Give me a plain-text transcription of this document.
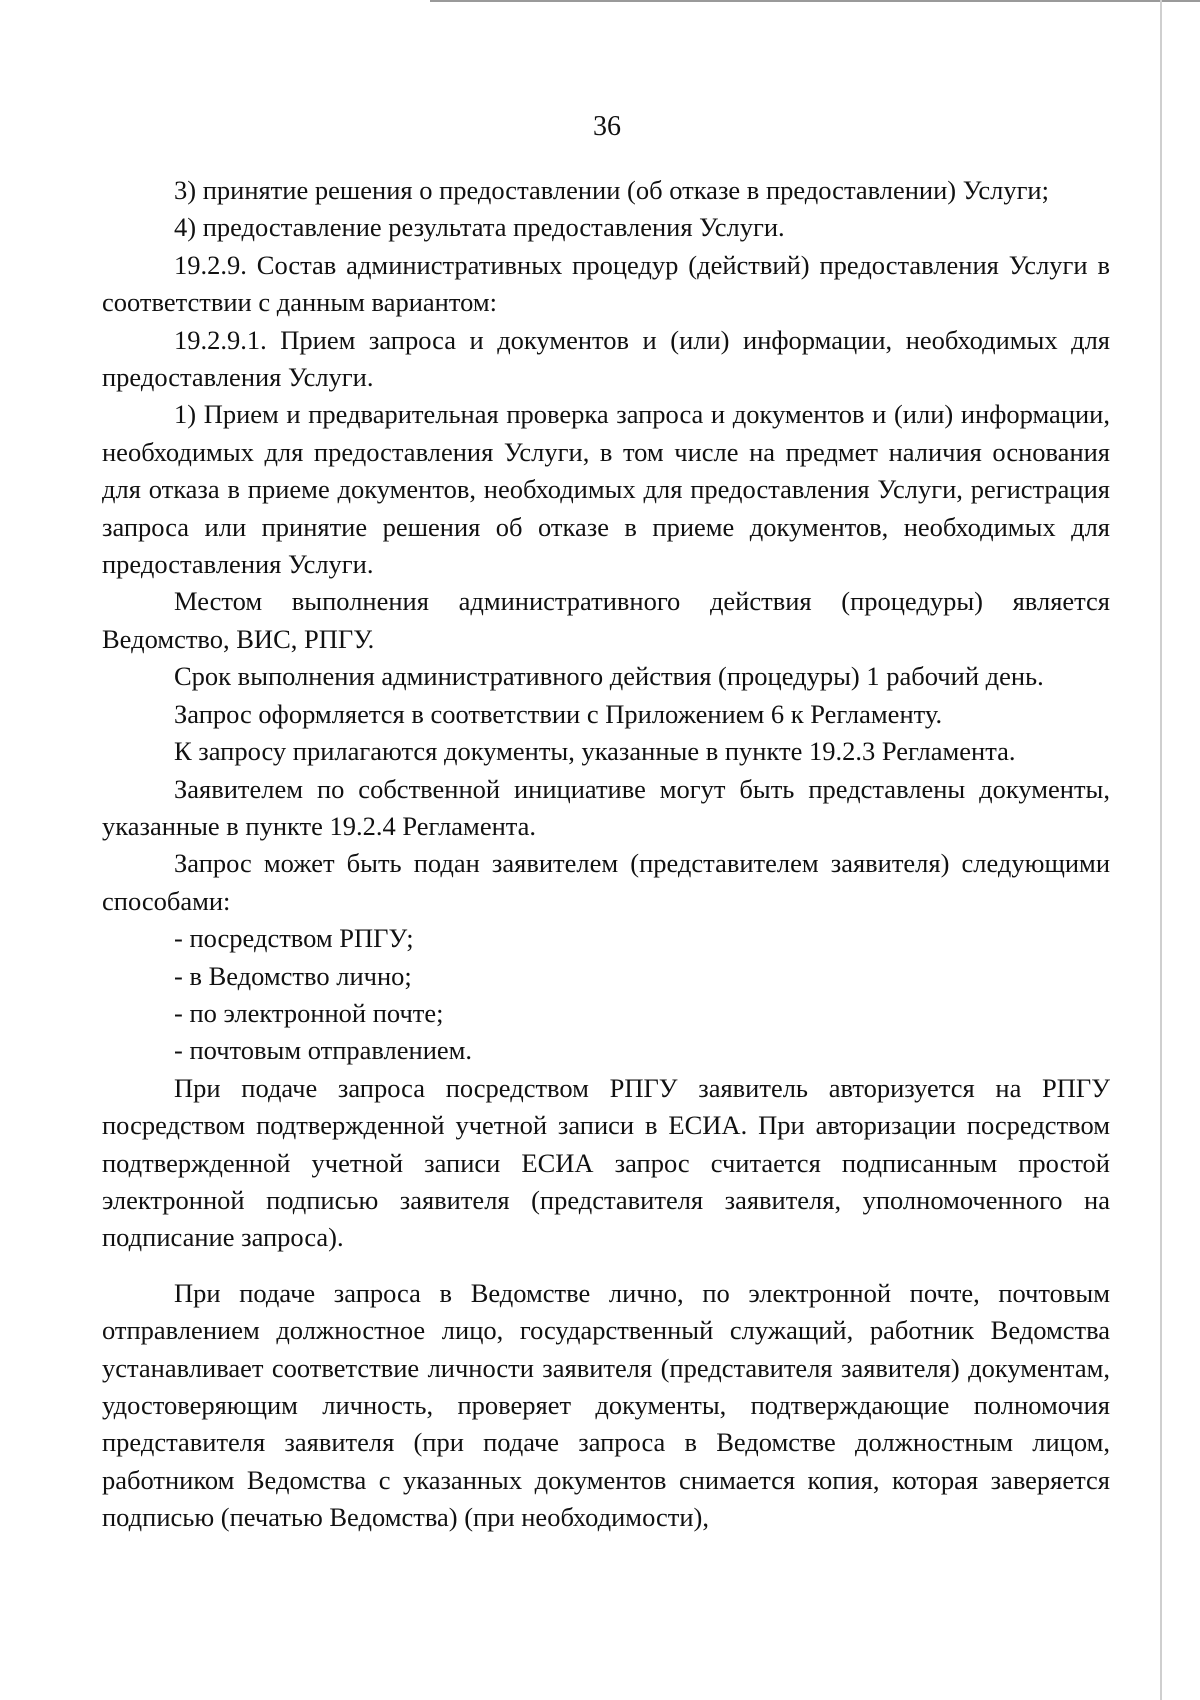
36

3) принятие решения о предоставлении (об отказе в предоставлении) Услуги;

4) предоставление результата предоставления Услуги.

19.2.9. Состав административных процедур (действий) предоставления Услуги в соответствии с данным вариантом:

19.2.9.1. Прием запроса и документов и (или) информации, необходимых для предоставления Услуги.

1) Прием и предварительная проверка запроса и документов и (или) информации, необходимых для предоставления Услуги, в том числе на предмет наличия основания для отказа в приеме документов, необходимых для предоставления Услуги, регистрация запроса или принятие решения об отказе в приеме документов, необходимых для предоставления Услуги.

Местом выполнения административного действия (процедуры) является Ведомство, ВИС, РПГУ.

Срок выполнения административного действия (процедуры) 1 рабочий день.

Запрос оформляется в соответствии с Приложением 6 к Регламенту.

К запросу прилагаются документы, указанные в пункте 19.2.3 Регламента.

Заявителем по собственной инициативе могут быть представлены документы, указанные в пункте 19.2.4 Регламента.

Запрос может быть подан заявителем (представителем заявителя) следующими способами:

- посредством РПГУ;

- в Ведомство лично;

- по электронной почте;

- почтовым отправлением.

При подаче запроса посредством РПГУ заявитель авторизуется на РПГУ посредством подтвержденной учетной записи в ЕСИА. При авторизации посредством подтвержденной учетной записи ЕСИА запрос считается подписанным простой электронной подписью заявителя (представителя заявителя, уполномоченного на подписание запроса).

При подаче запроса в Ведомстве лично, по электронной почте, почтовым отправлением должностное лицо, государственный служащий, работник Ведомства устанавливает соответствие личности заявителя (представителя заявителя) документам, удостоверяющим личность, проверяет документы, подтверждающие полномочия представителя заявителя (при подаче запроса в Ведомстве должностным лицом, работником Ведомства с указанных документов снимается копия, которая заверяется подписью (печатью Ведомства) (при необходимости),
